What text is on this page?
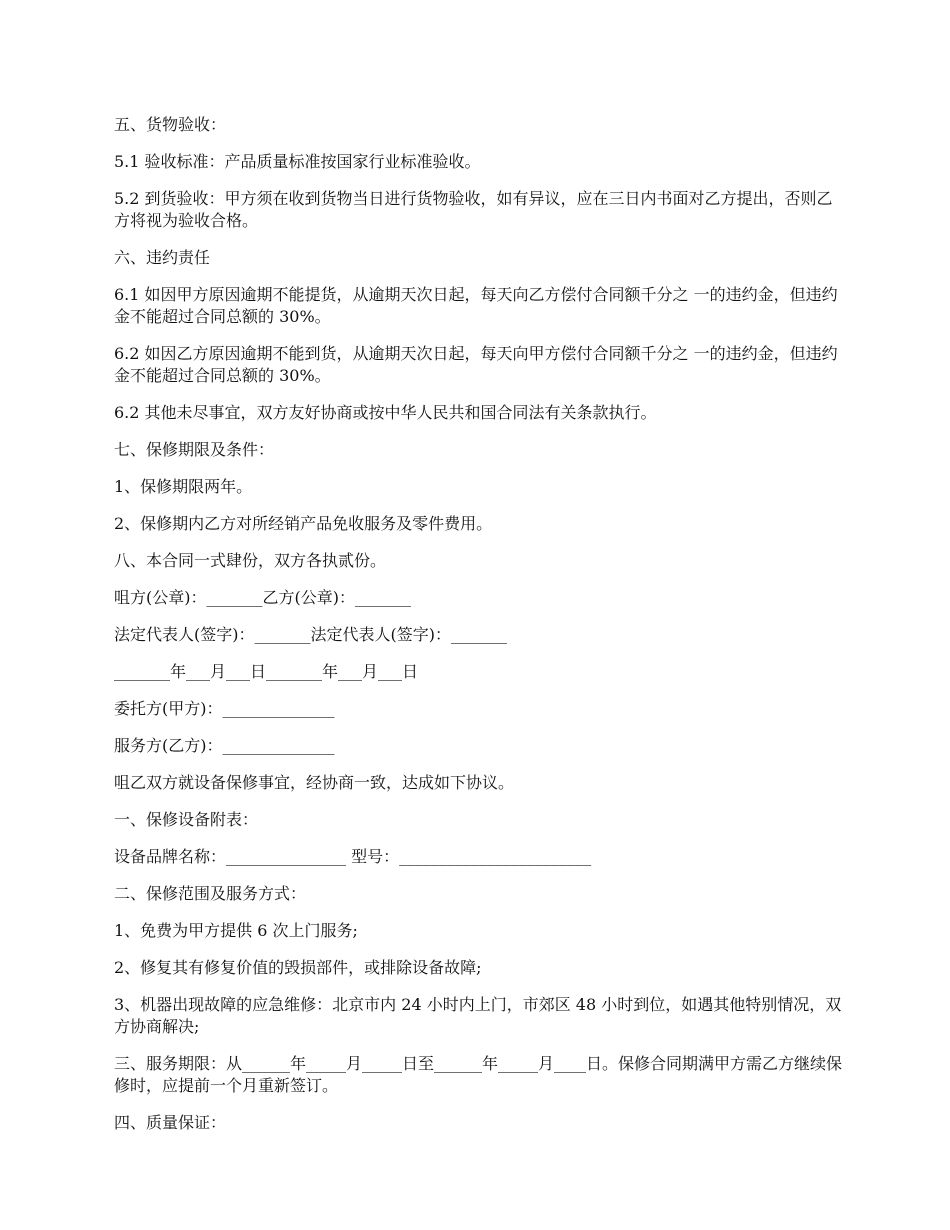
五、货物验收：

5.1 验收标准：产品质量标准按国家行业标准验收。

5.2 到货验收：甲方须在收到货物当日进行货物验收，如有异议，应在三日内书面对乙方提出，否则乙方将视为验收合格。

六、违约责任

6.1 如因甲方原因逾期不能提货，从逾期天次日起，每天向乙方偿付合同额千分之 一的违约金，但违约金不能超过合同总额的 30%。

6.2 如因乙方原因逾期不能到货，从逾期天次日起，每天向甲方偿付合同额千分之 一的违约金，但违约金不能超过合同总额的 30%。

6.2 其他未尽事宜，双方友好协商或按中华人民共和国合同法有关条款执行。

七、保修期限及条件：

1、保修期限两年。

2、保修期内乙方对所经销产品免收服务及零件费用。

八、本合同一式肆份，双方各执贰份。

咀方(公章)：_______乙方(公章)：_______

法定代表人(签字)：_______法定代表人(签字)：_______

_______年___月___日_______年___月___日

委托方(甲方)：______________

服务方(乙方)：______________

咀乙双方就设备保修事宜，经协商一致，达成如下协议。

一、保修设备附表：

设备品牌名称：_______________ 型号：________________________

二、保修范围及服务方式：

1、免费为甲方提供 6 次上门服务;

2、修复其有修复价值的毁损部件，或排除设备故障;

3、机器出现故障的应急维修：北京市内 24 小时内上门，市郊区 48 小时到位，如遇其他特别情况，双方协商解决;

三、服务期限：从______年_____月_____日至______年_____月____日。保修合同期满甲方需乙方继续保修时，应提前一个月重新签订。

四、质量保证：
